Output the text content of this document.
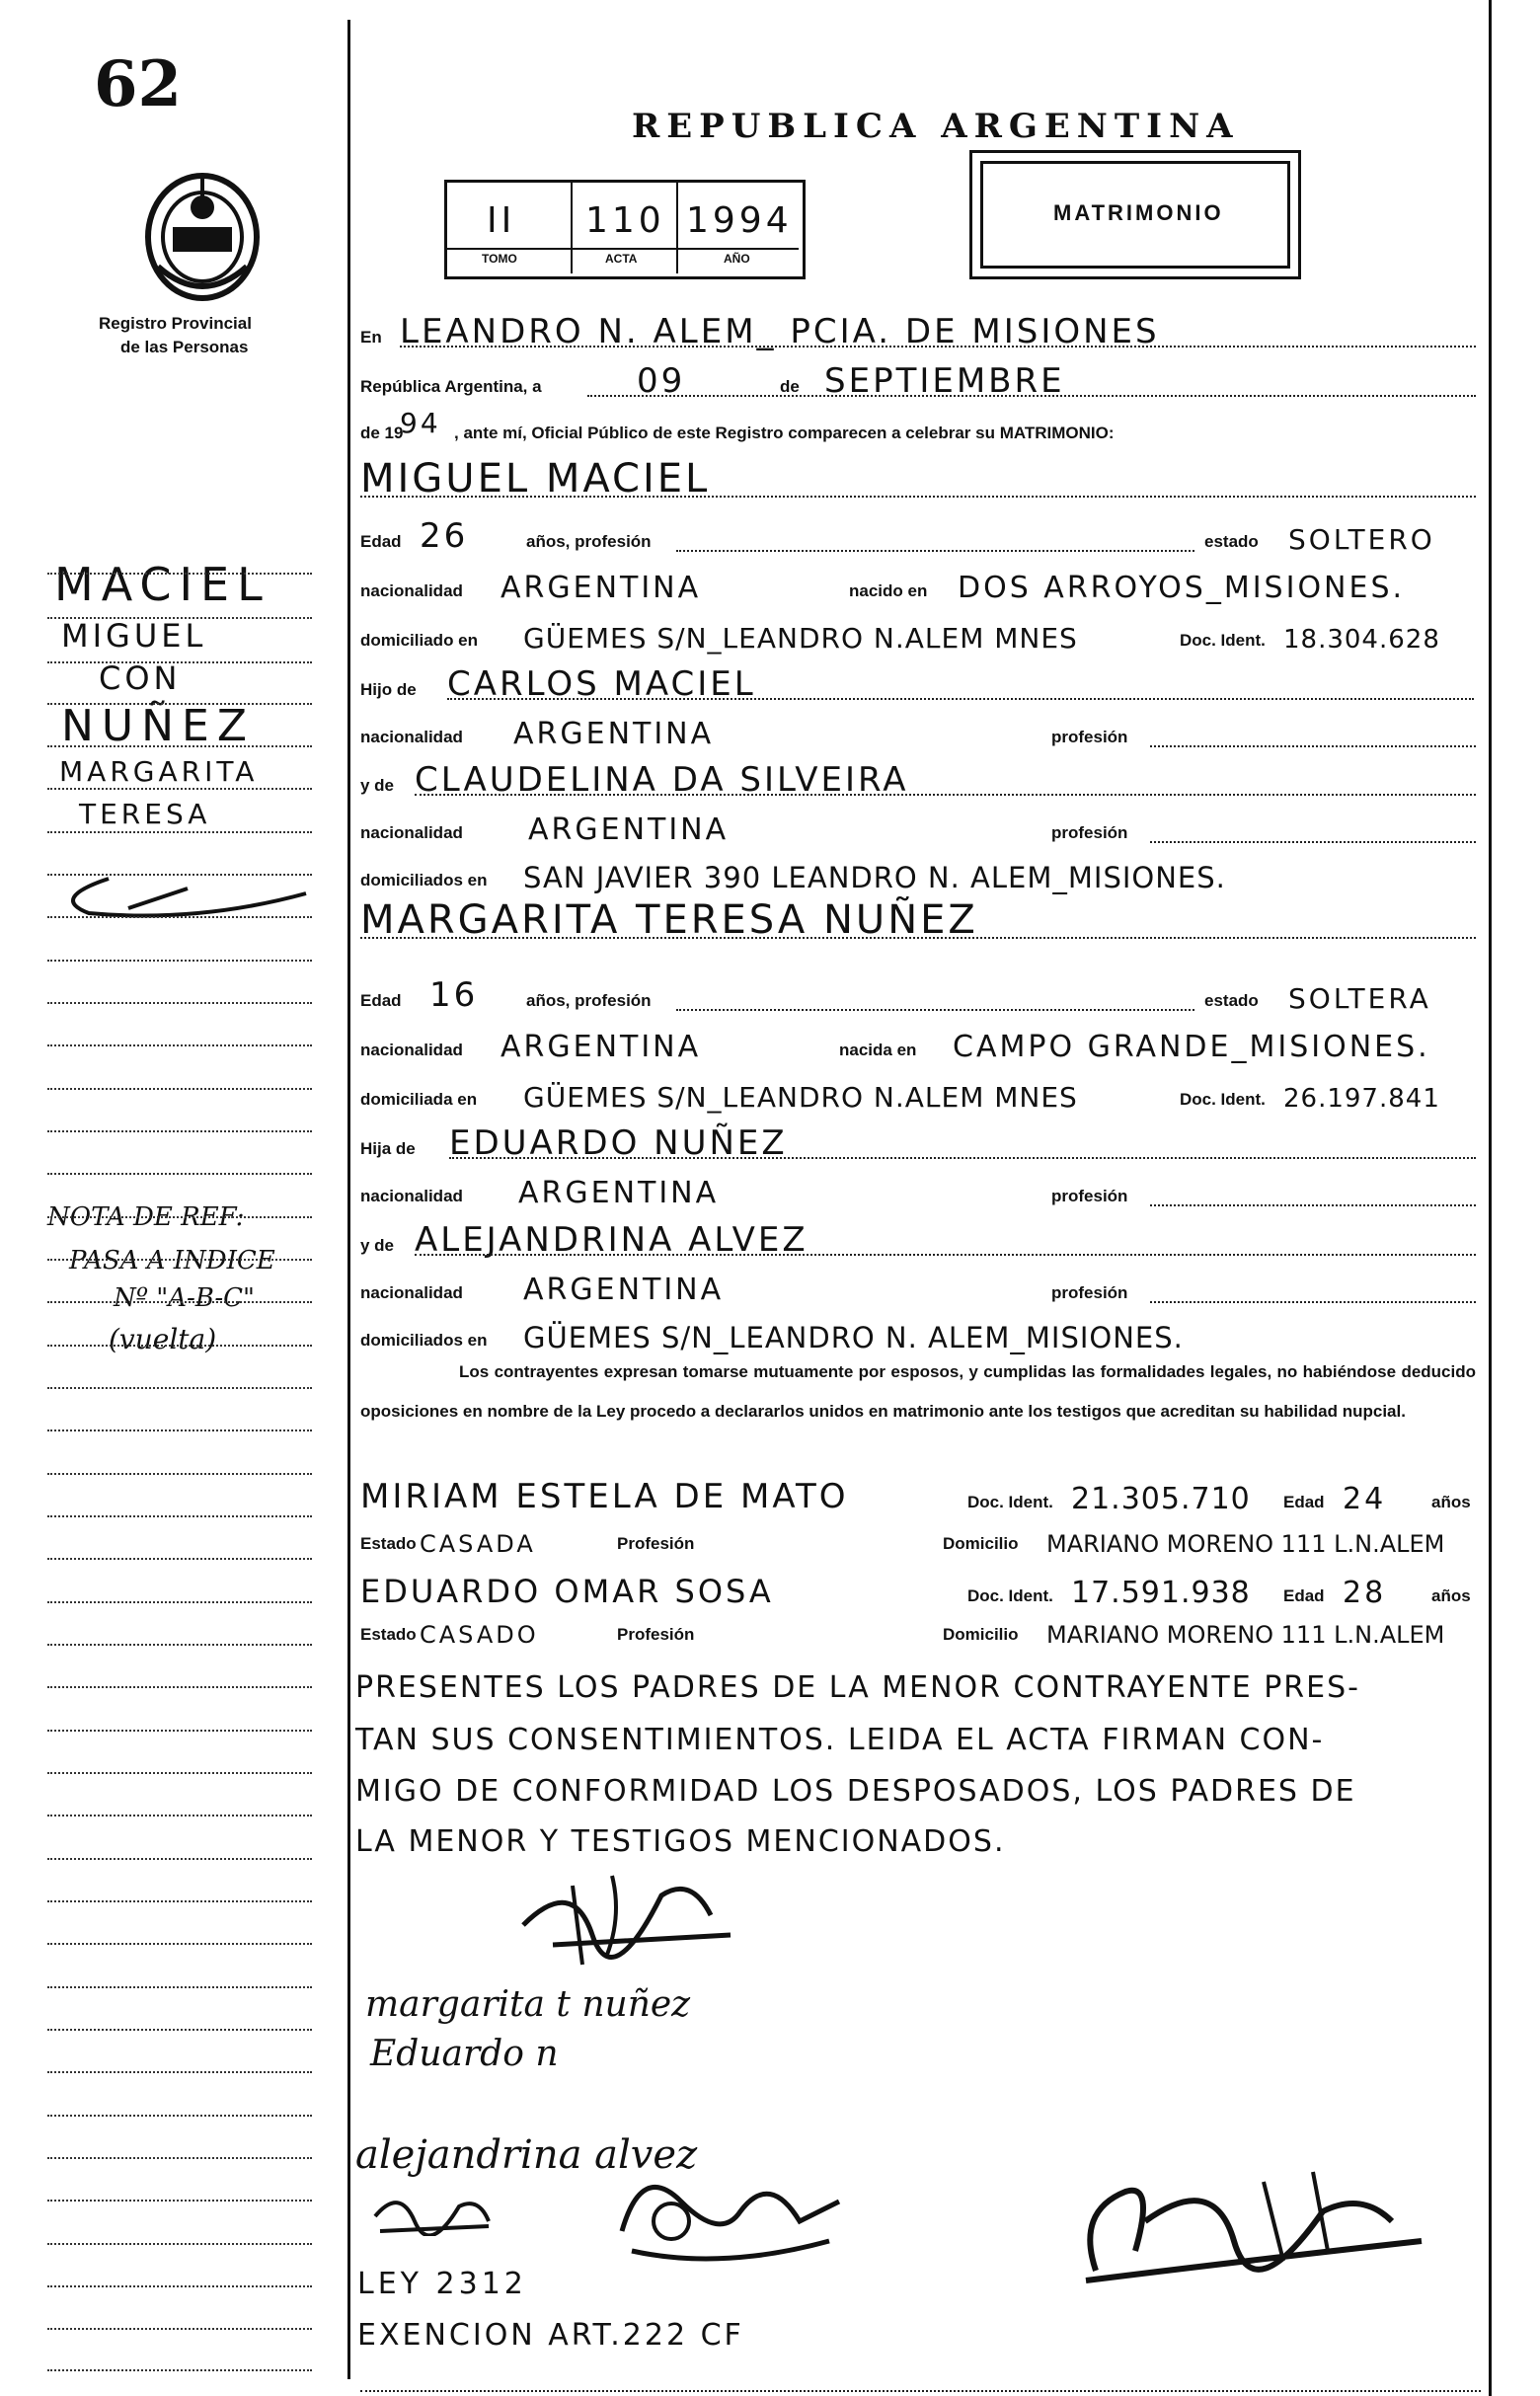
62
Registro Provincial
de las Personas
REPUBLICA ARGENTINA
II 110 1994
TOMO	ACTA	AÑO
MATRIMONIO
En LEANDRO N. ALEM_ PCIA. DE MISIONES
República Argentina, a	09	de SEPTIEMBRE
de 19
94 , ante mí, Oficial Público de este Registro comparecen a celebrar su MATRIMONIO:
MIGUEL MACIEL
Edad 26	años, profesión	estado SOLTERO
nacionalidad ARGENTINA	nacido en DOS ARROYOS_MISIONES.
domiciliado en GÜEMES S/N_LEANDRO N.ALEM MNES	Doc. Ident. 18.304.628
Hijo de CARLOS MACIEL
nacionalidad ARGENTINA	profesión
y de CLAUDELINA DA SILVEIRA
nacionalidad ARGENTINA	profesión
domiciliados en SAN JAVIER 390 LEANDRO N. ALEM_MISIONES.
MARGARITA TERESA NUÑEZ
Edad 16	años, profesión	estado SOLTERA
nacionalidad ARGENTINA	nacida en CAMPO GRANDE_MISIONES.
domiciliada en GÜEMES S/N_LEANDRO N.ALEM MNES	Doc. Ident. 26.197.841
Hija de EDUARDO NUÑEZ
nacionalidad ARGENTINA	profesión
y de ALEJANDRINA ALVEZ
nacionalidad ARGENTINA	profesión
domiciliados en GÜEMES S/N_LEANDRO N. ALEM_MISIONES.
Los contrayentes expresan tomarse mutuamente por esposos, y cumplidas las formalidades legales, no habiéndose deducido oposiciones en nombre de la Ley procedo a declararlos unidos en matrimonio ante los testigos que acreditan su habilidad nupcial.
MIRIAM ESTELA DE MATO	Doc. Ident. 21.305.710 Edad 24	años
Estado CASADA	Profesión	Domicilio MARIANO MORENO 111 L.N.ALEM
EDUARDO OMAR SOSA	Doc. Ident. 17.591.938 Edad 28	años
Estado CASADO	Profesión	Domicilio MARIANO MORENO 111 L.N.ALEM
PRESENTES LOS PADRES DE LA MENOR CONTRAYENTE PRES-
TAN SUS CONSENTIMIENTOS. LEIDA EL ACTA FIRMAN CON-
MIGO DE CONFORMIDAD LOS DESPOSADOS, LOS PADRES DE
LA MENOR Y TESTIGOS MENCIONADOS.
margarita t nuñez
Eduardo n
alejandrina alvez
LEY 2312
EXENCION ART.222 CF
MACIEL
MIGUEL
CON
NUÑEZ
MARGARITA
TERESA
NOTA DE REF:
PASA A INDICE
Nº "A-B-C"
(vuelta)
